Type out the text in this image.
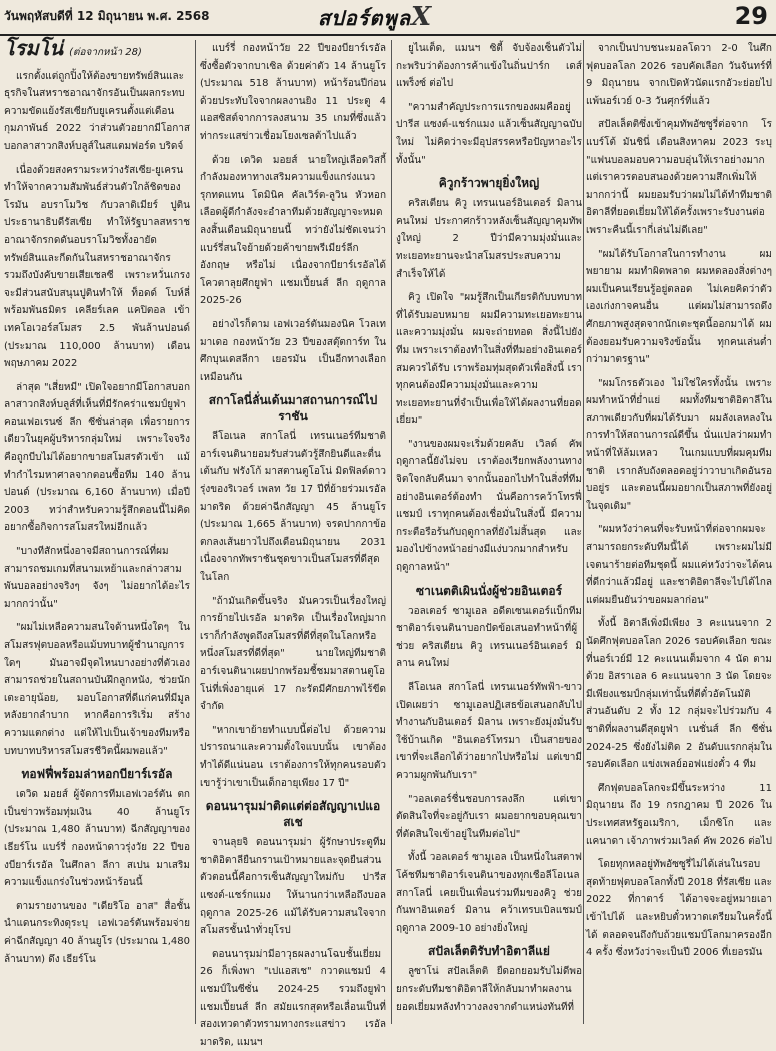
วันพฤหัสบดีที่ 12 มิถุนายน พ.ศ. 2568	สปอร์ตพูลX	29
โรมโน่ (ต่อจากหน้า 28)

แรกตั้งแต่ถูกปิ้งให้ต้องขายทรัพย์สินและธุรกิจในสหราชอาณาจักรอันเป็นผลกระทบความขัดแย้งรัสเซียกับยูเครนตั้งแต่เดือนกุมภาพันธ์ 2022 ว่าส่วนตัวอยากมีโอกาสบอกลาสาวกสิงห์บลูส์ในสแตมฟอร์ด บริดจ์

เนื่องด้วยสงครามระหว่างรัสเซีย-ยูเครน ทำให้จากความสัมพันธ์ส่วนตัวใกล้ชิดของ โรมัน อบราโมวิช กับวลาดิเมียร์ ปูติน ประธานาธิบดีรัสเซีย ทำให้รัฐบาลสหราชอาณาจักรกดดันอบราโมวิชทั้งอายัดทรัพย์สินและกีดกันในสหราชอาณาจักร รวมถึงบังคับขายเสียเชลซี เพราะหวั่นเกรงจะมีส่วนสนับสนุนปูตินทำให้ ท็อดด์ โบห์ลี่ พร้อมพันธมิตร เคลียร์เลค แคปิตอล เข้าเทคโอเวอร์สโมสร 2.5 พันล้านปอนด์ (ประมาณ 110,000 ล้านบาท) เดือนพฤษภาคม 2022

ล่าสุด "เสี่ยหมี" เปิดใจอยากมีโอกาสบอกลาสาวกสิงห์บลูส์ที่เห็นที่มีรักคร่าแชมป์ยูฟ่า คอนเฟอเรนซ์ ลีก ซีซั่นล่าสุด เพื่อรายการเดียวในยุคผู้บริหารกลุ่มใหม่ เพราะใจจริงคือถูกบีบไม่ได้อยากขายสโมสรตัวเข้า แม้ทำกำไรมหาศาลจากตอนซื้อทีม 140 ล้านปอนด์ (ประมาณ 6,160 ล้านบาท) เมื่อปี 2003 ทว่าสำหรับความรู้สึกตอนนี้ไม่คิดอยากซื้อกิจการสโมสรใหม่อีกแล้ว

"บางทีสักหนึ่งอาจมีสถานการณ์ที่ผมสามารถชมเกมที่สนามเหย้าและกล่าวสามพันบอลอย่างจริงๆ จังๆ ไม่อยากได้อะไรมากกว่านั้น"

"ผมไม่เหลือความสนใจด้านหนึ่งใดๆ ในสโมสรฟุตบอลหรือแม้บทบาทผู้ชำนาญการใดๆ มันอาจมีจุดไหนบางอย่างที่ตัวเองสามารถช่วยในสถานบันฝึกลูกหนัง, ช่วยนักเตะอายุน้อย, มอบโอกาสที่ดีแก่คนที่มีมูลหลังยากลำบาก หากคือการริเริ่ม สร้างความแตกต่าง แต่ให้ไปเป็นเจ้าของทีมหรือบทบาทบริหารสโมสรชีวิตนี้ผมพอแล้ว"

ทอฟฟี่พร้อมล่าหอกบียาร์เรอัล

เดวิด มอยส์ ผู้จัดการทีมเอฟเวอร์ตัน ตกเป็นข่าวพร้อมทุ่มเงิน 40 ล้านยูโร (ประมาณ 1,480 ล้านบาท) ฉีกสัญญาของ เธียร์โน แบร์รี่ กองหน้าดาวรุ่งวัย 22 ปีของบียาร์เรอัล ในศึกลา ลีกา สเปน มาเสริมความแข็งแกร่งในช่วงหน้าร้อนนี้

ตามรายงานของ "เดียริโอ อาส" สื่อชั้นนำแดนกระทิงดุระบุ เอฟเวอร์ตันพร้อมจ่ายค่าฉีกสัญญา 40 ล้านยูโร (ประมาณ 1,480 ล้านบาท) ดึง เธียร์โน

แบร์รี่ กองหน้าวัย 22 ปีของบียาร์เรอัล ซึ่งซื้อตัวจากบาเซิล ด้วยค่าตัว 14 ล้านยูโร (ประมาณ 518 ล้านบาท) หน้าร้อนปีก่อน ด้วยประทับใจจากผลงานยิง 11 ประตู 4 แอสซิสต์จากการลงสนาม 35 เกมที่ซึ่งแล้วท่ากระแสข่าวเชื่อมโยงเซลต้าไปแล้ว

ด้วย เดวิด มอยส์ นายใหญ่เลือดวิสกี้ กำลังมองหาทางเสริมความแข็งแกร่งแนวรุกทดแทน โดมินิค คัลเวิร์ต-ลูวิน หัวหอกเลือดผู้ดีกำลังจะอำลาทีมด้วยสัญญาจะหมดลงสิ้นเดือนมิถุนายนนี้ ทว่ายังไม่ชัดเจนว่าแบร์รี่สนใจย้ายด้วยค้าขายพรีเมียร์ลีกอังกฤษ หรือไม่ เนื่องจากบียาร์เรอัลได้โควตาลุยศึกยูฟ่า แชมเปี้ยนส์ ลีก ฤดูกาล 2025-26

อย่างไรก็ตาม เอฟเวอร์ตันมองนิค โวลเทมาเดอ กองหน้าวัย 23 ปีของสตุ๊ตการ์ท ในศึกบุนเดสลีกา เยอรมัน เป็นอีกทางเลือกเหมือนกัน

สกาโลนี่ลั่นเด้นมาสถานการณ์ไปราชัน

ลีโอเนล สกาโลนี่ เทรนเนอร์ทีมชาติอาร์เจนตินายอมรับส่วนตัวรู้สึกยินดีและตื่นเต้นกับ ฟรังโก้ มาสตานตูโอโน่ มิดฟิลด์ดาวรุ่งของริเวอร์ เพลท วัย 17 ปีที่ย้ายร่วมเรอัล มาดริด ด้วยค่าฉีกสัญญา 45 ล้านยูโร (ประมาณ 1,665 ล้านบาท) จรดปากกาข้อตกลงเส้นยาวไปถึงเดือนมิถุนายน 2031 เนื่องจากทัพราชันชุดขาวเป็นสโมสรที่ดีสุดในโลก

"ถ้ามันเกิดขึ้นจริง มันควรเป็นเรื่องใหญ่ การย้ายไปเรอัล มาดริด เป็นเรื่องใหญ่มาก เราก็กำลังพูดถึงสโมสรที่ดีที่สุดในโลกหรือหนึ่งสโมสรที่ดีที่สุด" นายใหญ่ทีมชาติอาร์เจนตินาเผยปากพร้อมชี้ชมมาสตานตูโอโน่ที่เพิ่งอายุแค่ 17 กะรัตมีศักยภาพไร้ขีดจำกัด

"หากเขาย้ายทำแบบนี้ต่อไป ด้วยความปรารถนาและความตั้งใจแบบนั้น เขาต้องทำได้ดีแน่นอน เราต้องการให้ทุกคนรอบตัวเขารู้ว่าเขาเป็นเด็กอายุเพียง 17 ปี"

ดอนนารุมม่าติดแต่ต่อสัญญาเปแอสเช

จานลุยจิ ดอนนารุมม่า ผู้รักษาประตูทีมชาติอิตาลียืนกรานเป้าหมายและจุดยืนส่วนตัวตอนนี้คือการเซ็นสัญญาใหม่กับ ปารีส แซงต์-แชร์กแมง ให้นานกว่าเหลือถึงบอลฤดูกาล 2025-26 แม้ได้รับความสนใจจากสโมสรชั้นนำทั่วยุโรป

ดอนนารุมม่ามีอาวุธผลงานโฉบชั้นเยี่ยม 26 ก็เพิ่งพา "เปแอสเช" กวาดแชมป์ 4 แชมป์ในซีซั่น 2024-25 รวมถึงยูฟ่า แชมเปี้ยนส์ ลีก สมัยแรกสุดหรือเลื่อนเป็นที่สองเทวดาตัวทรามทางกระแสข่าว เรอัล มาดริด, แมนฯ

ยูไนเต็ด, แมนฯ ซิตี้ จับจ้องเซ็นตัวไม่กะพริบว่าต้องการค้าแข้งในถิ่นปาร์ก เดส์ แพร็งซ์ ต่อไป

"ความสำคัญประการแรกของผมคืออยู่ ปารีส แซงต์-แชร์กแมง แล้วเซ็นสัญญาฉบับใหม่ ไม่คิดว่าจะมีอุปสรรคหรือปัญหาอะไรทั้งนั้น"

คิวูกร้าวพายุยิ่งใหญ่

คริสเตียน คิวู เทรนเนอร์อินเตอร์ มิลาน คนใหม่ ประกาศกร้าวหลังเซ็นสัญญาคุมทัพงูใหญ่ 2 ปีว่ามีความมุ่งมั่นและทะเยอทะยานจะนำสโมสรประสบความสำเร็จให้ได้

คิวู เปิดใจ "ผมรู้สึกเป็นเกียรติกับบทบาทที่ได้รับมอบหมาย ผมมีความทะเยอทะยานและความมุ่งมั่น ผมจะถ่ายทอด สิ่งนี้ไปยังทีม เพราะเราต้องทำในสิ่งที่ทีมอย่างอินเตอร์สมควรได้รับ เราพร้อมทุ่มสุดตัวเพื่อสิ่งนี้ เราทุกคนต้องมีความมุ่งมั่นและความทะเยอทะยานที่จำเป็นเพื่อให้ได้ผลงานที่ยอดเยี่ยม"

"งานของผมจะเริ่มด้วยคลับ เวิลด์ คัพ ฤดูกาลนี้ยังไม่จบ เราต้องเรียกพลังงานทางจิตใจกลับคืนมา จากนั้นออกไปทำในสิ่งที่ทีมอย่างอินเตอร์ต้องทำ นั่นคือการคว้าโทรฟี่แชมป์ เราทุกคนต้องเชื่อมั่นในสิ่งนี้ มีความกระตือรือร้นกับฤดูกาลที่ยังไม่สิ้นสุด และมองไปข้างหน้าอย่างมีแง่บวกมากสำหรับฤดูกาลหน้า"

ซาเนตติเผินนั่งผู้ช่วยอินเตอร์

วอลเตอร์ ซามูเอล อดีตเซนเตอร์แบ็กทีมชาติอาร์เจนตินาบอกปัดข้อเสนอทำหน้าที่ผู้ช่วย คริสเตียน คิวู เทรนเนอร์อินเตอร์ มิลาน คนใหม่

ลีโอเนล สกาโลนี่ เทรนเนอร์ทัพฟ้า-ขาว เปิดเผยว่า ซามูเอลปฏิเสธข้อเสนอกลับไปทำงานกับอินเตอร์ มิลาน เพราะยังมุ่งมั่นรับใช้บ้านเกิด "อินเตอร์โทรมา เป็นสายของเขาที่จะเลือกได้ว่าอยากไปหรือไม่ แต่เขามีความผูกพันกับเรา"

"วอลเตอร์ชื่นชอบการลงลึก แต่เขาตัดสินใจที่จะอยู่กับเรา ผมอยากขอบคุณเขาที่ตัดสินใจเข้าอยู่ในทีมต่อไป"

ทั้งนี้ วอลเตอร์ ซามูเอล เป็นหนึ่งในสตาฟโค้ชทีมชาติอาร์เจนตินาของทุกเชือลีโอเนล สกาโลนี่ เคยเป็นเพื่อนร่วมทีมของคิวู ช่วยกันพาอินเตอร์ มิลาน คว้าเทรบเบิลแชมป์ฤดูกาล 2009-10 อย่างยิ่งใหญ่

สปัลเล็ตติรับทำอิตาลีแย่

ลูซาโน่ สปัลเล็ตติ ยืดอกยอมรับไม่ดีพอยกระดับทีมชาติอิตาลีให้กลับมาทำผลงานยอดเยี่ยมหลังทำวางลงจากตำแหน่งทันทีที่

จากเป็นปาบชนะมอลโดวา 2-0 ในศึกฟุตบอลโลก 2026 รอบคัดเลือก วันจันทร์ที่ 9 มิถุนายน จากเปิดหัวนัดแรกอัวะย่อยไปแพ้นอร์เวย์ 0-3 วันศุกร์ที่แล้ว

สปัลเล็ตติซึ่งเข้าคุมทัพอัซซูรี่ต่อจาก โรแบร์โต้ มันชินี่ เดือนสิงหาคม 2023 ระบุ "แฟนบอลมอบความอบอุ่นให้เราอย่างมาก แต่เราควรตอบสนองด้วยความสึกเพิ่มให้มากกว่านี้ ผมยอมรับว่าผมไม่ได้ทำทีมชาติอิตาลีที่ยอดเยี่ยมให้ได้ครั้งเพราะรับงานต่อเพราะคืนนี้เรากี่เล่นไม่ดีเลย"

"ผมได้รับโอกาสในการทำงาน ผมพยายาม ผมทำผิดพลาด ผมหดลองสิ่งต่างๆ ผมเป็นคนเรียนรู้อยู่ตลอด ไม่เคยคิดว่าตัวเองเก่งกาจคนอื่น แต่ผมไม่สามารถดึงศักยภาพสูงสุดจากนักเตะชุดนี้ออกมาได้ ผมต้องยอมรับความจริงข้อนั้น ทุกคนเล่นต่ำกว่ามาตรฐาน"

"ผมโกรธตัวเอง ไม่ใช่ใครทั้งนั้น เพราะผมทำหน้าที่ย่ำแย่ ผมทั้งทีมชาติอิตาลีในสภาพเดียวกับที่ผมได้รับมา ผมลังเลหลงในการทำให้สถานการณ์ดีขึ้น นั่นแปลว่าผมทำหน้าที่ให้ล้มเหลว ในเกมแบบที่ผมคุมทีมชาติ เรากลับถังตลอดอยู่ว่าวาบาเกิดอันรอบอยู่ร และตอนนี้ผมอยากเป็นสภาพที่ยังอยู่ในจุดเดิม"

"ผมหวังว่าคนที่จะรับหน้าที่ต่อจากผมจะสามารถยกระดับทีมนี้ได้ เพราะผมไม่มีเจตนาร้ายต่อทีมชุดนี้ ผมแค่หวังว่าจะได้คนที่ดีกว่าแล้วมีอยู่ และชาติอิตาลีจะไปได้ไกล แต่ผมยืนยันว่าขอผมลาก่อน"

ทั้งนี้ อิตาลีเพิ่งมีเพียง 3 คะแนนจาก 2 นัดศึกฟุตบอลโลก 2026 รอบคัดเลือก ขณะที่นอร์เวย์มี 12 คะแนนเต็มจาก 4 นัด ตามด้วย อิสราเอล 6 คะแนนจาก 3 นัด โดยจะมีเพียงแชมป์กลุ่มเท่านั้นที่ตีตั๋วอัตโนมัติ ส่วนอันดับ 2 ทั้ง 12 กลุ่มจะไปร่วมกับ 4 ชาติที่ผลงานดีสุดยูฟ่า เนชั่นส์ ลีก ซีซั่น 2024-25 ซึ่งยังไม่ติด 2 อันดับแรกกลุ่มในรอบคัดเลือก แข่งเพลย์ออฟแย่งตั๋ว 4 ทีม

ศึกฟุตบอลโลกจะมีขึ้นระหว่าง 11 มิถุนายน ถึง 19 กรกฎาคม ปี 2026 ในประเทศสหรัฐอเมริกา, เม็กซิโก และแคนาดา เจ้าภาพร่วมเวิลด์ คัพ 2026 ต่อไป

โดยทุกหลอยู่ทัพอัซซูรี่ไม่ได้เล่นในรอบสุดท้ายฟุตบอลโลกทั้งปี 2018 ที่รัสเซีย และ 2022 ที่กาตาร์ ได้อาจจะอยู่หมายเอาเข้าไปได้ และหยิบตั๋วหวาดเตรียมในครั้งนี้ได้ ตลอดจนถึงกับถ้วยแชมป์โลกมาครองอีก 4 ครั้ง ซึ่งหวังว่าจะเป็นปี 2006 ที่เยอรมัน
